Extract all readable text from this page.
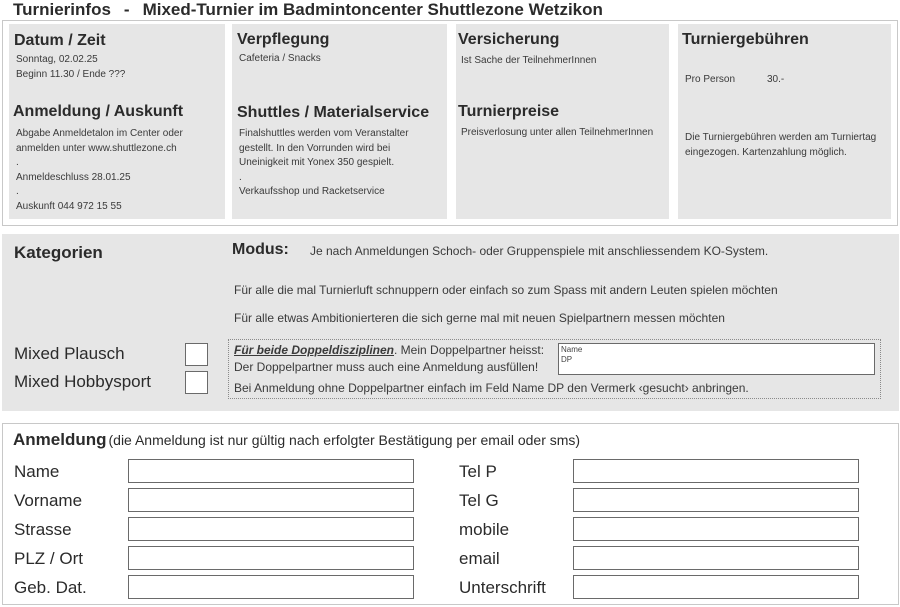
Turnierinfos - Mixed-Turnier im Badmintoncenter Shuttlezone Wetzikon
Datum / Zeit
Sonntag, 02.02.25
Beginn 11.30 / Ende ???
Anmeldung / Auskunft
Abgabe Anmeldetalon im Center oder
anmelden unter www.shuttlezone.ch
.
Anmeldeschluss 28.01.25
.
Auskunft 044 972 15 55
Verpflegung
Cafeteria / Snacks
Shuttles / Materialservice
Finalshuttles werden vom Veranstalter
gestellt. In den Vorrunden wird bei
Uneinigkeit mit Yonex 350 gespielt.
.
Verkaufsshop und Racketservice
Versicherung
Ist Sache der TeilnehmerInnen
Turnierpreise
Preisverlosung unter allen TeilnehmerInnen
Turniergebühren
Pro Person	30.-
Die Turniergebühren werden am Turniertag
eingezogen. Kartenzahlung möglich.
Kategorien	Modus: Je nach Anmeldungen Schoch- oder Gruppenspiele mit anschliessendem KO-System.
Für alle die mal Turnierluft schnuppern oder einfach so zum Spass mit andern Leuten spielen möchten
Für alle etwas Ambitionierteren die sich gerne mal mit neuen Spielpartnern messen möchten
Mixed Plausch
Mixed Hobbysport
Für beide Doppeldisziplinen. Mein Doppelpartner heisst:
Der Doppelpartner muss auch eine Anmeldung ausfüllen!
Bei Anmeldung ohne Doppelpartner einfach im Feld Name DP den Vermerk ‹gesucht› anbringen.
Name
DP
Anmeldung (die Anmeldung ist nur gültig nach erfolgter Bestätigung per email oder sms)
Name
Vorname
Strasse
PLZ / Ort
Geb. Dat.
Tel P
Tel G
mobile
email
Unterschrift
